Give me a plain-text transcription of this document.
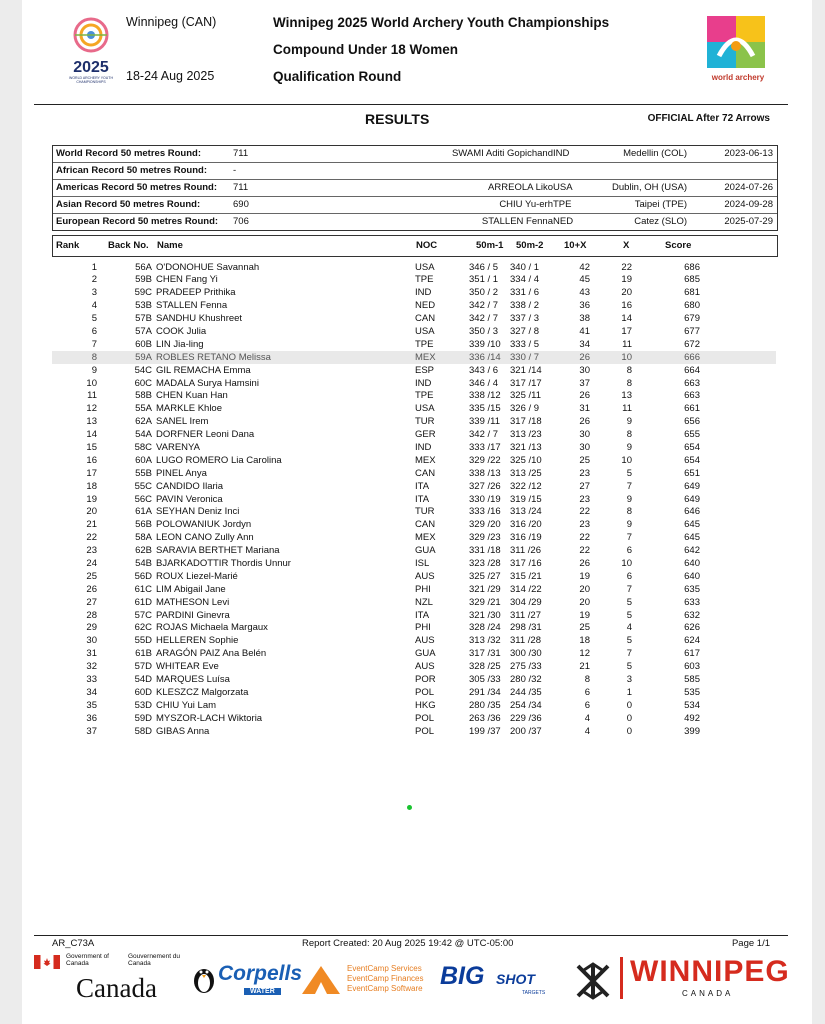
2025
WORLD ARCHERY YOUTH CHAMPIONSHIPS
Winnipeg (CAN)
18-24 Aug 2025
Winnipeg 2025 World Archery Youth Championships
Compound Under 18 Women
Qualification Round	world archery
RESULTS	OFFICIAL After 72 Arrows
World Record 50 metres Round:	711	SWAMI Aditi Gopichand IND	Medellin (COL)	2023-06-13
African Record 50 metres Round:	-
Americas Record 50 metres Round: 711	ARREOLA Liko USA	Dublin, OH (USA)	2024-07-26
Asian Record 50 metres Round:	690	CHIU Yu-erh TPE	Taipei (TPE)	2024-09-28
European Record 50 metres Round: 706	STALLEN Fenna NED	Catez (SLO)	2025-07-29
Rank	Back No. Name	NOC	50m-1 50m-2 10+X	X	Score
1	56A O'DONOHUE Savannah	USA	346 / 5 340 / 1	42	22	686
2	59B CHEN Fang Yi	TPE	351 / 1 334 / 4	45	19	685
3	59C PRADEEP Prithika	IND	350 / 2 331 / 6	43	20	681
4	53B STALLEN Fenna	NED	342 / 7 338 / 2	36	16	680
5	57B SANDHU Khushreet	CAN	342 / 7 337 / 3	38	14	679
6	57A COOK Julia	USA	350 / 3 327 / 8	41	17	677
7	60B LIN Jia-ling	TPE	339 /10 333 / 5	34	11	672
8	59A ROBLES RETANO Melissa	MEX	336 /14 330 / 7	26	10	666
9	54C GIL REMACHA Emma	ESP	343 / 6 321 /14	30	8	664
10	60C MADALA Surya Hamsini	IND	346 / 4 317 /17	37	8	663
11	58B CHEN Kuan Han	TPE	338 /12 325 /11	26	13	663
12	55A MARKLE Khloe	USA	335 /15 326 / 9	31	11	661
13	62A SANEL Irem	TUR	339 /11 317 /18	26	9	656
14	54A DORFNER Leoni Dana	GER	342 / 7 313 /23	30	8	655
15	58C VARENYA	IND	333 /17 321 /13	30	9	654
16	60A LUGO ROMERO Lia Carolina	MEX	329 /22 325 /10	25	10	654
17	55B PINEL Anya	CAN	338 /13 313 /25	23	5	651
18	55C CANDIDO Ilaria	ITA	327 /26 322 /12	27	7	649
19	56C PAVIN Veronica	ITA	330 /19 319 /15	23	9	649
20	61A SEYHAN Deniz Inci	TUR	333 /16 313 /24	22	8	646
21	56B POLOWANIUK Jordyn	CAN	329 /20 316 /20	23	9	645
22	58A LEON CANO Zully Ann	MEX	329 /23 316 /19	22	7	645
23	62B SARAVIA BERTHET Mariana	GUA	331 /18 311 /26	22	6	642
24	54B BJARKADOTTIR Thordis Unnur	ISL	323 /28 317 /16	26	10	640
25	56D ROUX Liezel-Marié	AUS	325 /27 315 /21	19	6	640
26	61C LIM Abigail Jane	PHI	321 /29 314 /22	20	7	635
27	61D MATHESON Levi	NZL	329 /21 304 /29	20	5	633
28	57C PARDINI Ginevra	ITA	321 /30 311 /27	19	5	632
29	62C ROJAS Michaela Margaux	PHI	328 /24 298 /31	25	4	626
30	55D HELLEREN Sophie	AUS	313 /32 311 /28	18	5	624
31	61B ARAGÓN PAIZ Ana Belén	GUA	317 /31 300 /30	12	7	617
32	57D WHITEAR Eve	AUS	328 /25 275 /33	21	5	603
33	54D MARQUES Luísa	POR	305 /33 280 /32	8	3	585
34	60D KLESZCZ Malgorzata	POL	291 /34 244 /35	6	1	535
35	53D CHIU Yui Lam	HKG	280 /35 254 /34	6	0	534
36	59D MYSZOR-LACH Wiktoria	POL	263 /36 229 /36	4	0	492
37	58D GIBAS Anna	POL	199 /37 200 /37	4	0	399
AR_C73A	Report Created: 20 Aug 2025 19:42 @ UTC-05:00	Page 1/1
Government of Canada
Gouvernement du Canada
Canada	Corpells
WATER
EventCamp Services
EventCamp Finances
EventCamp Software BIG SHOT
TARGETS
WINNIPEG
CANADA
